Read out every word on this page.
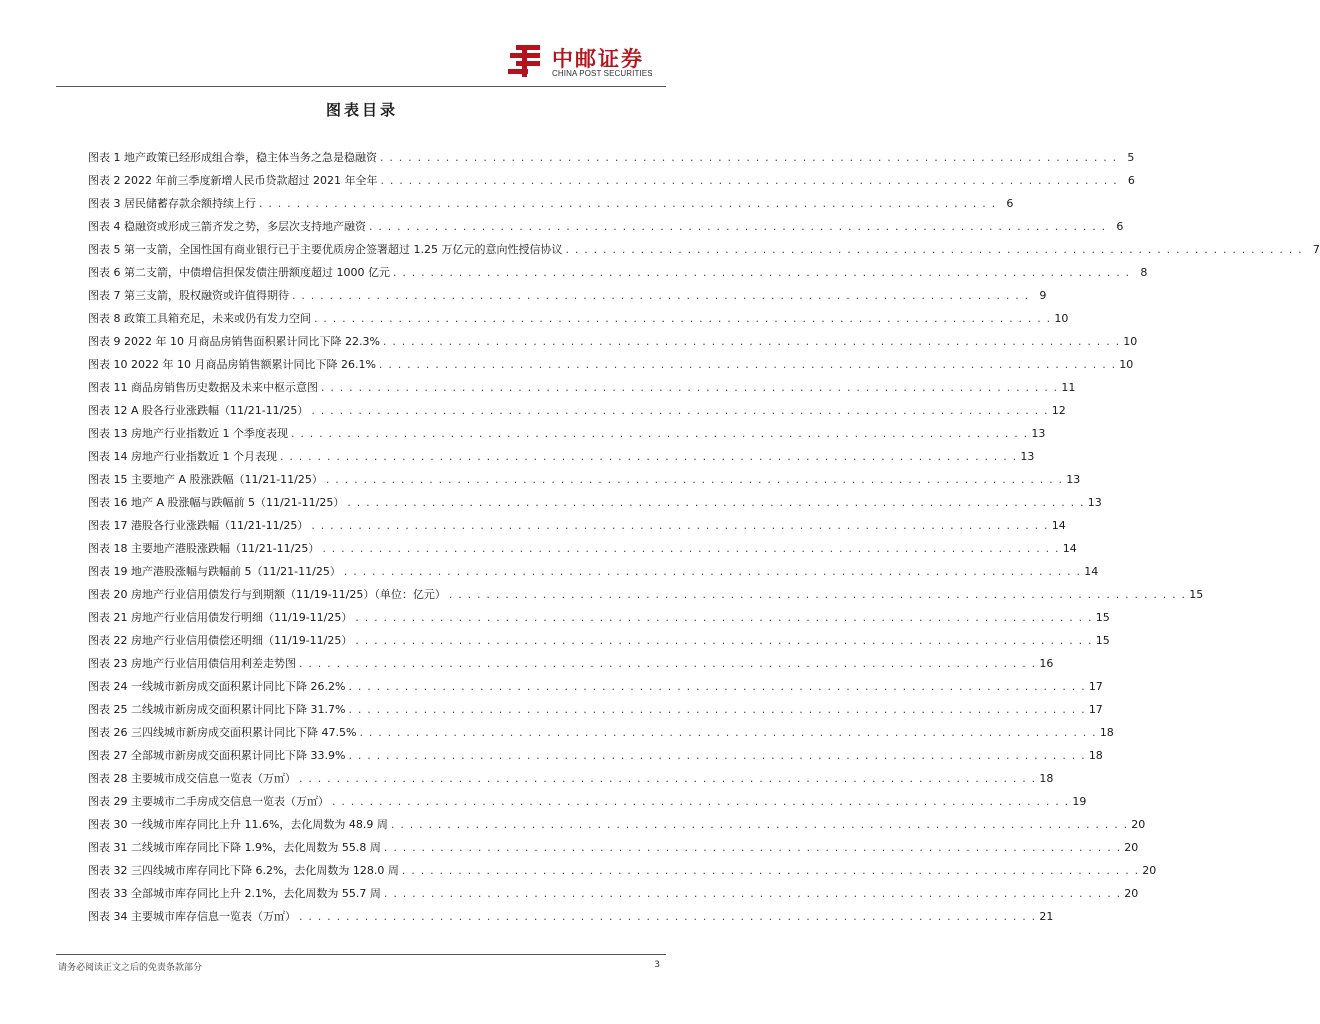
中邮证券
CHINA POST SECURITIES
图表目录
图表 1 地产政策已经形成组合拳，稳主体当务之急是稳融资 . . . . . . . . . . . . . . . . . . . . . . . . . . . . . . . . . . . . . . . . . . . . . . . . . . . . . . . . . . . . . . . . . . . . . . . . . . . . . . . 5
图表 2 2022 年前三季度新增人民币贷款超过 2021 年全年 . . . . . . . . . . . . . . . . . . . . . . . . . . . . . . . . . . . . . . . . . . . . . . . . . . . . . . . . . . . . . . . . . . . . . . . . . . . . . . . 6
图表 3 居民储蓄存款余额持续上行 . . . . . . . . . . . . . . . . . . . . . . . . . . . . . . . . . . . . . . . . . . . . . . . . . . . . . . . . . . . . . . . . . . . . . . . . . . . . . . . 6
图表 4 稳融资或形成三箭齐发之势，多层次支持地产融资 . . . . . . . . . . . . . . . . . . . . . . . . . . . . . . . . . . . . . . . . . . . . . . . . . . . . . . . . . . . . . . . . . . . . . . . . . . . . . . . 6
图表 5 第一支箭，全国性国有商业银行已于主要优质房企签署超过 1.25 万亿元的意向性授信协议 . . . . . . . . . . . . . . . . . . . . . . . . . . . . . . . . . . . . . . . . . . . . . . . . . . . . . . . . . . . . . . . . . . . . . . . . . . . . . . . 7
图表 6 第二支箭，中债增信担保发债注册额度超过 1000 亿元 . . . . . . . . . . . . . . . . . . . . . . . . . . . . . . . . . . . . . . . . . . . . . . . . . . . . . . . . . . . . . . . . . . . . . . . . . . . . . . . 8
图表 7 第三支箭，股权融资或许值得期待 . . . . . . . . . . . . . . . . . . . . . . . . . . . . . . . . . . . . . . . . . . . . . . . . . . . . . . . . . . . . . . . . . . . . . . . . . . . . . . . 9
图表 8 政策工具箱充足，未来或仍有发力空间 . . . . . . . . . . . . . . . . . . . . . . . . . . . . . . . . . . . . . . . . . . . . . . . . . . . . . . . . . . . . . . . . . . . . . . . . . . . . . . . 10
图表 9 2022 年 10 月商品房销售面积累计同比下降 22.3% . . . . . . . . . . . . . . . . . . . . . . . . . . . . . . . . . . . . . . . . . . . . . . . . . . . . . . . . . . . . . . . . . . . . . . . . . . . . . . . 10
图表 10 2022 年 10 月商品房销售额累计同比下降 26.1% . . . . . . . . . . . . . . . . . . . . . . . . . . . . . . . . . . . . . . . . . . . . . . . . . . . . . . . . . . . . . . . . . . . . . . . . . . . . . . . 10
图表 11 商品房销售历史数据及未来中枢示意图 . . . . . . . . . . . . . . . . . . . . . . . . . . . . . . . . . . . . . . . . . . . . . . . . . . . . . . . . . . . . . . . . . . . . . . . . . . . . . . . 11
图表 12 A 股各行业涨跌幅（11/21-11/25） . . . . . . . . . . . . . . . . . . . . . . . . . . . . . . . . . . . . . . . . . . . . . . . . . . . . . . . . . . . . . . . . . . . . . . . . . . . . . . . 12
图表 13 房地产行业指数近 1 个季度表现 . . . . . . . . . . . . . . . . . . . . . . . . . . . . . . . . . . . . . . . . . . . . . . . . . . . . . . . . . . . . . . . . . . . . . . . . . . . . . . . 13
图表 14 房地产行业指数近 1 个月表现 . . . . . . . . . . . . . . . . . . . . . . . . . . . . . . . . . . . . . . . . . . . . . . . . . . . . . . . . . . . . . . . . . . . . . . . . . . . . . . . 13
图表 15 主要地产 A 股涨跌幅（11/21-11/25） . . . . . . . . . . . . . . . . . . . . . . . . . . . . . . . . . . . . . . . . . . . . . . . . . . . . . . . . . . . . . . . . . . . . . . . . . . . . . . . 13
图表 16 地产 A 股涨幅与跌幅前 5（11/21-11/25） . . . . . . . . . . . . . . . . . . . . . . . . . . . . . . . . . . . . . . . . . . . . . . . . . . . . . . . . . . . . . . . . . . . . . . . . . . . . . . . 13
图表 17 港股各行业涨跌幅（11/21-11/25） . . . . . . . . . . . . . . . . . . . . . . . . . . . . . . . . . . . . . . . . . . . . . . . . . . . . . . . . . . . . . . . . . . . . . . . . . . . . . . . 14
图表 18 主要地产港股涨跌幅（11/21-11/25） . . . . . . . . . . . . . . . . . . . . . . . . . . . . . . . . . . . . . . . . . . . . . . . . . . . . . . . . . . . . . . . . . . . . . . . . . . . . . . . 14
图表 19 地产港股涨幅与跌幅前 5（11/21-11/25） . . . . . . . . . . . . . . . . . . . . . . . . . . . . . . . . . . . . . . . . . . . . . . . . . . . . . . . . . . . . . . . . . . . . . . . . . . . . . . . 14
图表 20 房地产行业信用债发行与到期额（11/19-11/25）（单位：亿元） . . . . . . . . . . . . . . . . . . . . . . . . . . . . . . . . . . . . . . . . . . . . . . . . . . . . . . . . . . . . . . . . . . . . . . . . . . . . . . . 15
图表 21 房地产行业信用债发行明细（11/19-11/25） . . . . . . . . . . . . . . . . . . . . . . . . . . . . . . . . . . . . . . . . . . . . . . . . . . . . . . . . . . . . . . . . . . . . . . . . . . . . . . . 15
图表 22 房地产行业信用债偿还明细（11/19-11/25） . . . . . . . . . . . . . . . . . . . . . . . . . . . . . . . . . . . . . . . . . . . . . . . . . . . . . . . . . . . . . . . . . . . . . . . . . . . . . . . 15
图表 23 房地产行业信用债信用利差走势图 . . . . . . . . . . . . . . . . . . . . . . . . . . . . . . . . . . . . . . . . . . . . . . . . . . . . . . . . . . . . . . . . . . . . . . . . . . . . . . . 16
图表 24 一线城市新房成交面积累计同比下降 26.2% . . . . . . . . . . . . . . . . . . . . . . . . . . . . . . . . . . . . . . . . . . . . . . . . . . . . . . . . . . . . . . . . . . . . . . . . . . . . . . . 17
图表 25 二线城市新房成交面积累计同比下降 31.7% . . . . . . . . . . . . . . . . . . . . . . . . . . . . . . . . . . . . . . . . . . . . . . . . . . . . . . . . . . . . . . . . . . . . . . . . . . . . . . . 17
图表 26 三四线城市新房成交面积累计同比下降 47.5% . . . . . . . . . . . . . . . . . . . . . . . . . . . . . . . . . . . . . . . . . . . . . . . . . . . . . . . . . . . . . . . . . . . . . . . . . . . . . . . 18
图表 27 全部城市新房成交面积累计同比下降 33.9% . . . . . . . . . . . . . . . . . . . . . . . . . . . . . . . . . . . . . . . . . . . . . . . . . . . . . . . . . . . . . . . . . . . . . . . . . . . . . . . 18
图表 28 主要城市成交信息一览表（万㎡） . . . . . . . . . . . . . . . . . . . . . . . . . . . . . . . . . . . . . . . . . . . . . . . . . . . . . . . . . . . . . . . . . . . . . . . . . . . . . . . 18
图表 29 主要城市二手房成交信息一览表（万㎡） . . . . . . . . . . . . . . . . . . . . . . . . . . . . . . . . . . . . . . . . . . . . . . . . . . . . . . . . . . . . . . . . . . . . . . . . . . . . . . . 19
图表 30 一线城市库存同比上升 11.6%，去化周数为 48.9 周 . . . . . . . . . . . . . . . . . . . . . . . . . . . . . . . . . . . . . . . . . . . . . . . . . . . . . . . . . . . . . . . . . . . . . . . . . . . . . . . 20
图表 31 二线城市库存同比下降 1.9%，去化周数为 55.8 周 . . . . . . . . . . . . . . . . . . . . . . . . . . . . . . . . . . . . . . . . . . . . . . . . . . . . . . . . . . . . . . . . . . . . . . . . . . . . . . . 20
图表 32 三四线城市库存同比下降 6.2%，去化周数为 128.0 周 . . . . . . . . . . . . . . . . . . . . . . . . . . . . . . . . . . . . . . . . . . . . . . . . . . . . . . . . . . . . . . . . . . . . . . . . . . . . . . . 20
图表 33 全部城市库存同比上升 2.1%，去化周数为 55.7 周 . . . . . . . . . . . . . . . . . . . . . . . . . . . . . . . . . . . . . . . . . . . . . . . . . . . . . . . . . . . . . . . . . . . . . . . . . . . . . . . 20
图表 34 主要城市库存信息一览表（万㎡） . . . . . . . . . . . . . . . . . . . . . . . . . . . . . . . . . . . . . . . . . . . . . . . . . . . . . . . . . . . . . . . . . . . . . . . . . . . . . . . 21
请务必阅读正文之后的免责条款部分	3
